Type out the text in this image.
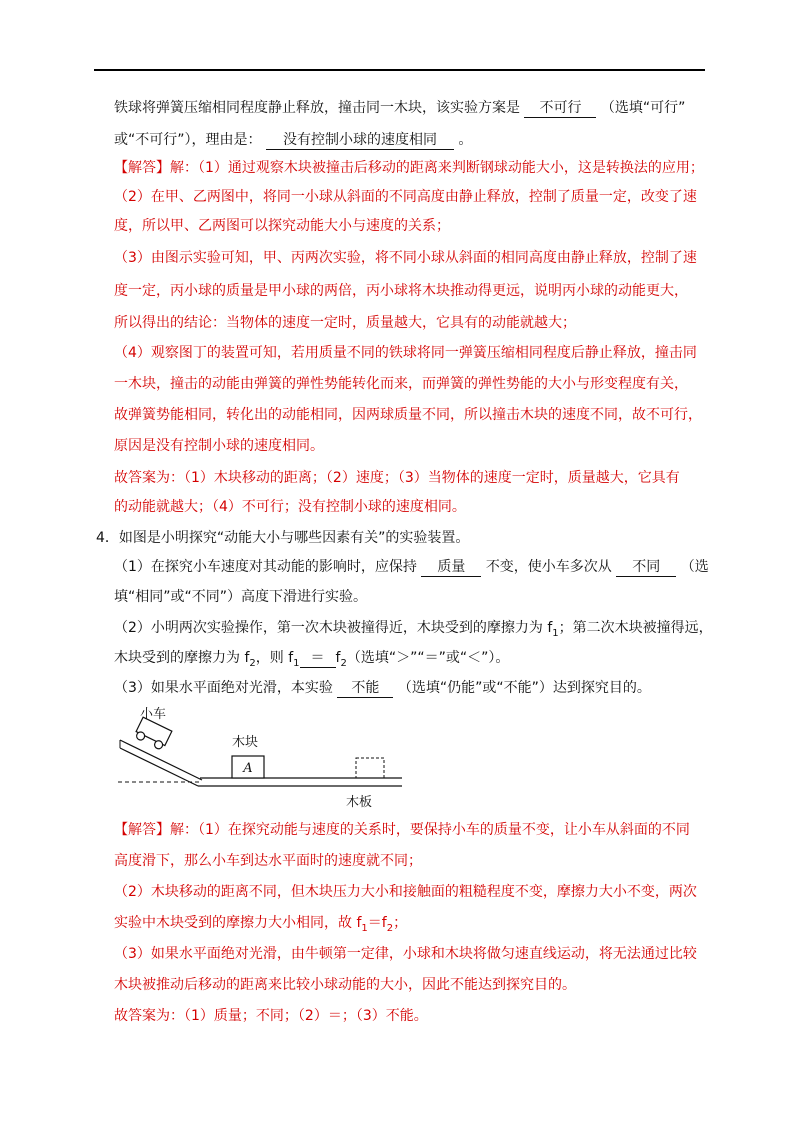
铁球将弹簧压缩相同程度静止释放，撞击同一木块，该实验方案是 不可行 （选填“可行”
或“不可行”），理由是： 没有控制小球的速度相同 。
【解答】解：（1）通过观察木块被撞击后移动的距离来判断钢球动能大小，这是转换法的应用；
（2）在甲、乙两图中，将同一小球从斜面的不同高度由静止释放，控制了质量一定，改变了速
度，所以甲、乙两图可以探究动能大小与速度的关系；
（3）由图示实验可知，甲、丙两次实验，将不同小球从斜面的相同高度由静止释放，控制了速
度一定，丙小球的质量是甲小球的两倍，丙小球将木块推动得更远，说明丙小球的动能更大，
所以得出的结论：当物体的速度一定时，质量越大，它具有的动能就越大；
（4）观察图丁的装置可知，若用质量不同的铁球将同一弹簧压缩相同程度后静止释放，撞击同
一木块，撞击的动能由弹簧的弹性势能转化而来，而弹簧的弹性势能的大小与形变程度有关，
故弹簧势能相同，转化出的动能相同，因两球质量不同，所以撞击木块的速度不同，故不可行，
原因是没有控制小球的速度相同。
故答案为：（1）木块移动的距离；（2）速度；（3）当物体的速度一定时，质量越大，它具有
的动能就越大；（4）不可行；没有控制小球的速度相同。
4．如图是小明探究“动能大小与哪些因素有关”的实验装置。
（1）在探究小车速度对其动能的影响时，应保持 质量 不变，使小车多次从 不同 （选
填“相同”或“不同”）高度下滑进行实验。
（2）小明两次实验操作，第一次木块被撞得近，木块受到的摩擦力为 $f_1$；第二次木块被撞得远，
木块受到的摩擦力为 $f_2$，则 $f_1 = f_2$（选填“＞”“＝”或“＜”）。
（3）如果水平面绝对光滑，本实验 不能 （选填“仍能”或“不能”）达到探究目的。
小车
A
木块
木板
【解答】解：（1）在探究动能与速度的关系时，要保持小车的质量不变，让小车从斜面的不同
高度滑下，那么小车到达水平面时的速度就不同；
（2）木块移动的距离不同，但木块压力大小和接触面的粗糙程度不变，摩擦力大小不变，两次
实验中木块受到的摩擦力大小相同，故 $f_1=f_2$；
（3）如果水平面绝对光滑，由牛顿第一定律，小球和木块将做匀速直线运动，将无法通过比较
木块被推动后移动的距离来比较小球动能的大小，因此不能达到探究目的。
故答案为：（1）质量；不同；（2）＝；（3）不能。
